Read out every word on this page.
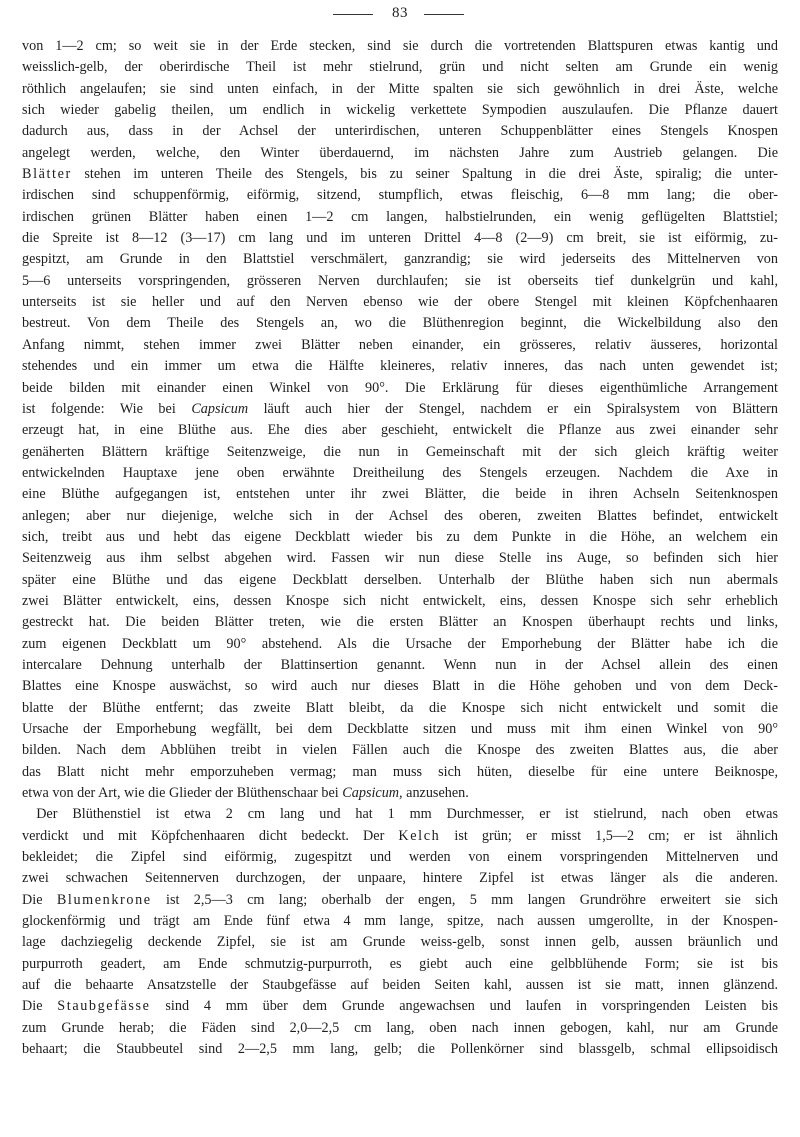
83

von 1—2 cm; so weit sie in der Erde stecken, sind sie durch die vortretenden Blattspuren etwas kantig und

weisslich-gelb, der oberirdische Theil ist mehr stielrund, grün und nicht selten am Grunde ein wenig

röthlich angelaufen; sie sind unten einfach, in der Mitte spalten sie sich gewöhnlich in drei Äste, welche

sich wieder gabelig theilen, um endlich in wickelig verkettete Sympodien auszulaufen. Die Pflanze dauert

dadurch aus, dass in der Achsel der unterirdischen, unteren Schuppenblätter eines Stengels Knospen

angelegt werden, welche, den Winter überdauernd, im nächsten Jahre zum Austrieb gelangen. Die

Blätter stehen im unteren Theile des Stengels, bis zu seiner Spaltung in die drei Äste, spiralig; die unter-

irdischen sind schuppenförmig, eiförmig, sitzend, stumpflich, etwas fleischig, 6—8 mm lang; die ober-

irdischen grünen Blätter haben einen 1—2 cm langen, halbstielrunden, ein wenig geflügelten Blattstiel;

die Spreite ist 8—12 (3—17) cm lang und im unteren Drittel 4—8 (2—9) cm breit, sie ist eiförmig, zu-

gespitzt, am Grunde in den Blattstiel verschmälert, ganzrandig; sie wird jederseits des Mittelnerven von

5—6 unterseits vorspringenden, grösseren Nerven durchlaufen; sie ist oberseits tief dunkelgrün und kahl,

unterseits ist sie heller und auf den Nerven ebenso wie der obere Stengel mit kleinen Köpfchenhaaren

bestreut. Von dem Theile des Stengels an, wo die Blüthenregion beginnt, die Wickelbildung also den

Anfang nimmt, stehen immer zwei Blätter neben einander, ein grösseres, relativ äusseres, horizontal

stehendes und ein immer um etwa die Hälfte kleineres, relativ inneres, das nach unten gewendet ist;

beide bilden mit einander einen Winkel von 90°. Die Erklärung für dieses eigenthümliche Arrangement

ist folgende: Wie bei Capsicum läuft auch hier der Stengel, nachdem er ein Spiralsystem von Blättern

erzeugt hat, in eine Blüthe aus. Ehe dies aber geschieht, entwickelt die Pflanze aus zwei einander sehr

genäherten Blättern kräftige Seitenzweige, die nun in Gemeinschaft mit der sich gleich kräftig weiter

entwickelnden Hauptaxe jene oben erwähnte Dreitheilung des Stengels erzeugen. Nachdem die Axe in

eine Blüthe aufgegangen ist, entstehen unter ihr zwei Blätter, die beide in ihren Achseln Seitenknospen

anlegen; aber nur diejenige, welche sich in der Achsel des oberen, zweiten Blattes befindet, entwickelt

sich, treibt aus und hebt das eigene Deckblatt wieder bis zu dem Punkte in die Höhe, an welchem ein

Seitenzweig aus ihm selbst abgehen wird. Fassen wir nun diese Stelle ins Auge, so befinden sich hier

später eine Blüthe und das eigene Deckblatt derselben. Unterhalb der Blüthe haben sich nun abermals

zwei Blätter entwickelt, eins, dessen Knospe sich nicht entwickelt, eins, dessen Knospe sich sehr erheblich

gestreckt hat. Die beiden Blätter treten, wie die ersten Blätter an Knospen überhaupt rechts und links,

zum eigenen Deckblatt um 90° abstehend. Als die Ursache der Emporhebung der Blätter habe ich die

intercalare Dehnung unterhalb der Blattinsertion genannt. Wenn nun in der Achsel allein des einen

Blattes eine Knospe auswächst, so wird auch nur dieses Blatt in die Höhe gehoben und von dem Deck-

blatte der Blüthe entfernt; das zweite Blatt bleibt, da die Knospe sich nicht entwickelt und somit die

Ursache der Emporhebung wegfällt, bei dem Deckblatte sitzen und muss mit ihm einen Winkel von 90°

bilden. Nach dem Abblühen treibt in vielen Fällen auch die Knospe des zweiten Blattes aus, die aber

das Blatt nicht mehr emporzuheben vermag; man muss sich hüten, dieselbe für eine untere Beiknospe,

etwa von der Art, wie die Glieder der Blüthenschaar bei Capsicum, anzusehen.

 Der Blüthenstiel ist etwa 2 cm lang und hat 1 mm Durchmesser, er ist stielrund, nach oben etwas

verdickt und mit Köpfchenhaaren dicht bedeckt. Der Kelch ist grün; er misst 1,5—2 cm; er ist ähnlich

bekleidet; die Zipfel sind eiförmig, zugespitzt und werden von einem vorspringenden Mittelnerven und

zwei schwachen Seitennerven durchzogen, der unpaare, hintere Zipfel ist etwas länger als die anderen.

Die Blumenkrone ist 2,5—3 cm lang; oberhalb der engen, 5 mm langen Grundröhre erweitert sie sich

glockenförmig und trägt am Ende fünf etwa 4 mm lange, spitze, nach aussen umgerollte, in der Knospen-

lage dachziegelig deckende Zipfel, sie ist am Grunde weiss-gelb, sonst innen gelb, aussen bräunlich und

purpurroth geadert, am Ende schmutzig-purpurroth, es giebt auch eine gelbblühende Form; sie ist bis

auf die behaarte Ansatzstelle der Staubgefässe auf beiden Seiten kahl, aussen ist sie matt, innen glänzend.

Die Staubgefässe sind 4 mm über dem Grunde angewachsen und laufen in vorspringenden Leisten bis

zum Grunde herab; die Fäden sind 2,0—2,5 cm lang, oben nach innen gebogen, kahl, nur am Grunde

behaart; die Staubbeutel sind 2—2,5 mm lang, gelb; die Pollenkörner sind blassgelb, schmal ellipsoidisch
